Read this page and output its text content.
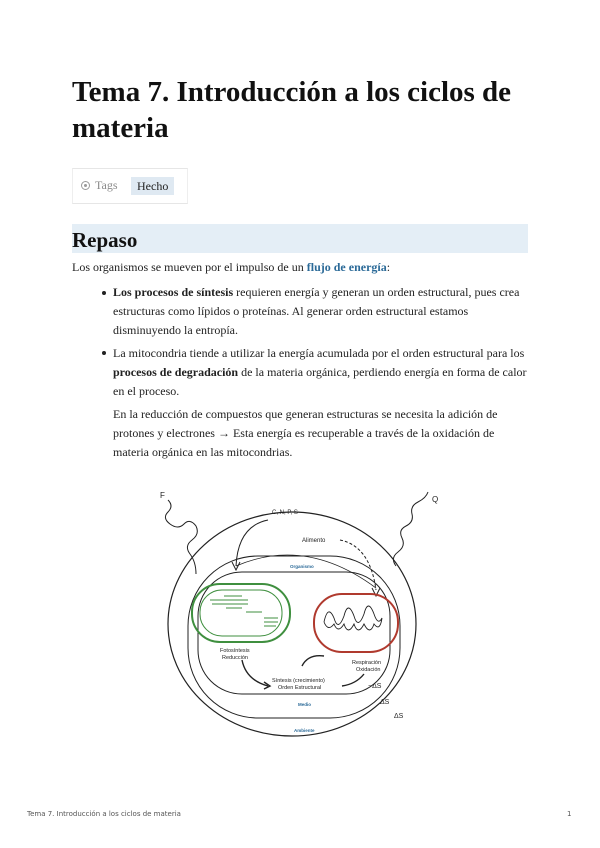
Tema 7. Introducción a los ciclos de materia
Tags	Hecho
Repaso
Los organismos se mueven por el impulso de un flujo de energía:
Los procesos de síntesis requieren energía y generan un orden estructural, pues crea estructuras como lípidos o proteínas. Al generar orden estructural estamos disminuyendo la entropía.
La mitocondria tiende a utilizar la energía acumulada por el orden estructural para los procesos de degradación de la materia orgánica, perdiendo energía en forma de calor en el proceso.
En la reducción de compuestos que generan estructuras se necesita la adición de protones y electrones → Esta energía es recuperable a través de la oxidación de materia orgánica en las mitocondrias.
F	Q
C, N, P, S
Alimento
Organismo
Fotosíntesis
Reducción
Respiración
Oxidación
Síntesis (crecimiento)
Orden Estructural	−ΔS
ΔS
ΔS
Medio
Ambiente
Tema 7. Introducción a los ciclos de materia	1
